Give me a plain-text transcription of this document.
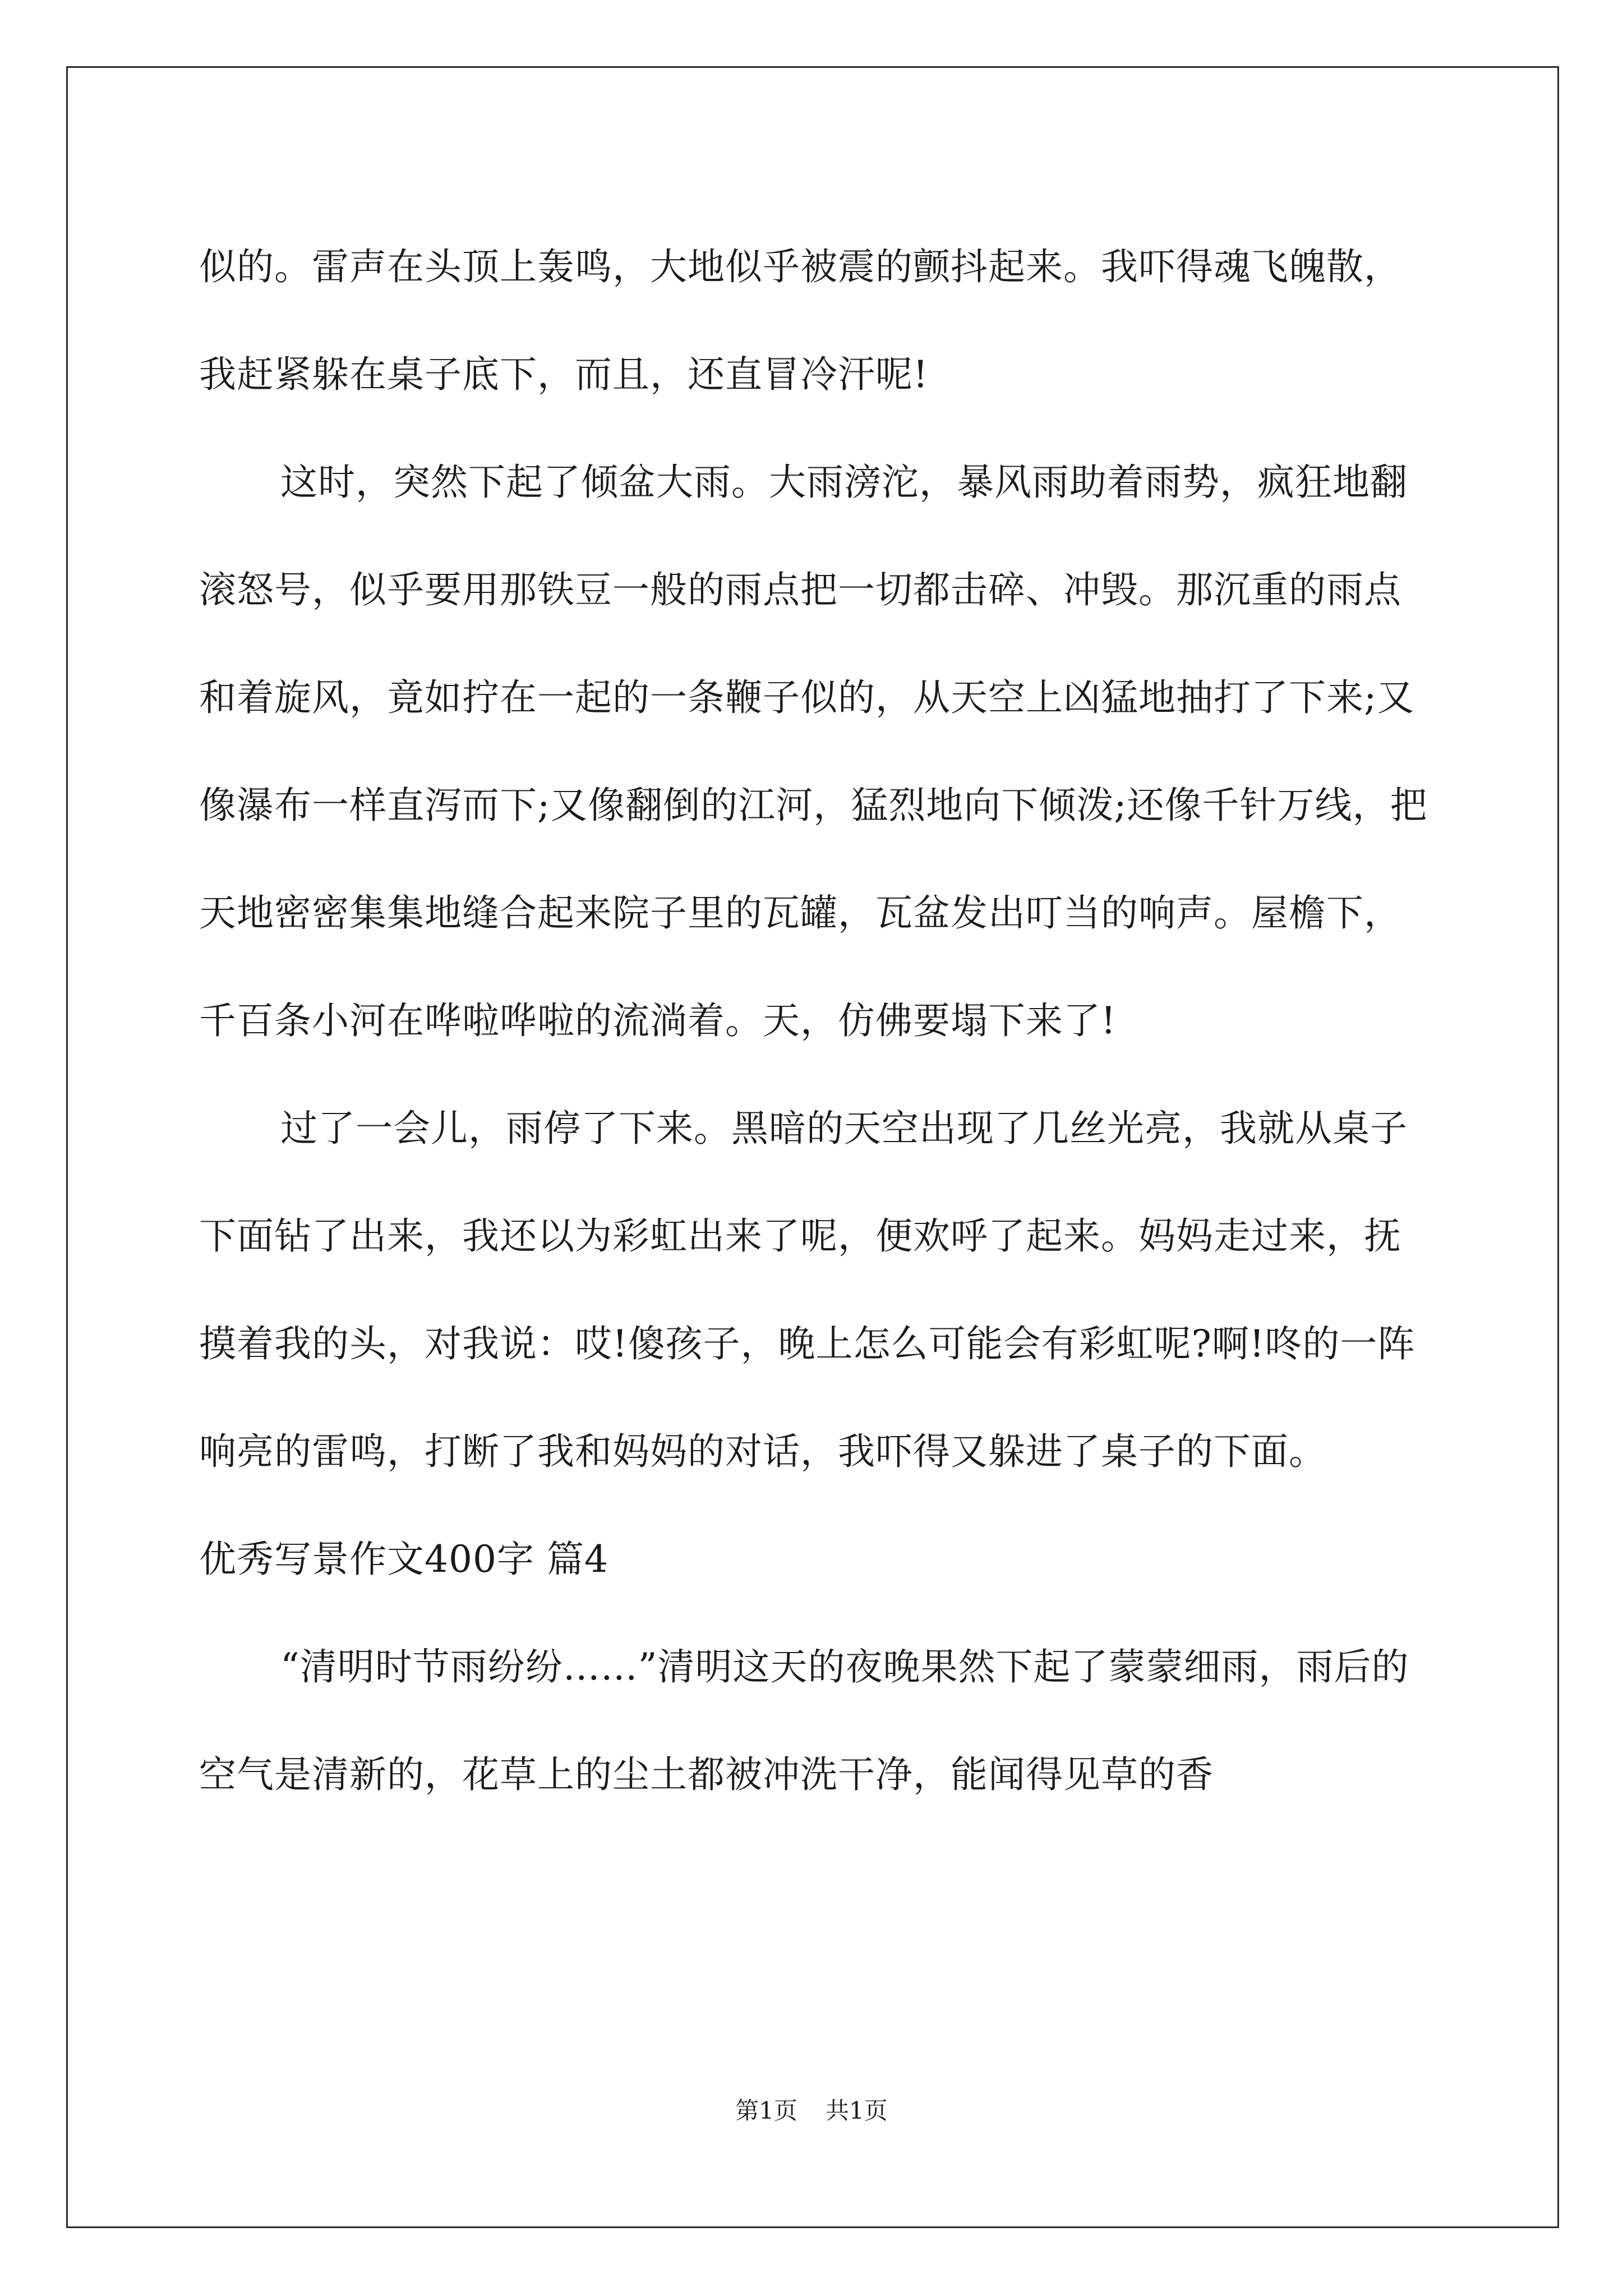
似的。雷声在头顶上轰鸣，大地似乎被震的颤抖起来。我吓得魂飞魄散，我赶紧躲在桌子底下，而且，还直冒冷汗呢!

这时，突然下起了倾盆大雨。大雨滂沱，暴风雨助着雨势，疯狂地翻滚怒号，似乎要用那铁豆一般的雨点把一切都击碎、冲毁。那沉重的雨点和着旋风，竟如拧在一起的一条鞭子似的，从天空上凶猛地抽打了下来;又像瀑布一样直泻而下;又像翻倒的江河，猛烈地向下倾泼;还像千针万线，把天地密密集集地缝合起来院子里的瓦罐，瓦盆发出叮当的响声。屋檐下，千百条小河在哗啦哗啦的流淌着。天，仿佛要塌下来了!

过了一会儿，雨停了下来。黑暗的天空出现了几丝光亮，我就从桌子下面钻了出来，我还以为彩虹出来了呢，便欢呼了起来。妈妈走过来，抚摸着我的头，对我说：哎!傻孩子，晚上怎么可能会有彩虹呢?啊!咚的一阵响亮的雷鸣，打断了我和妈妈的对话，我吓得又躲进了桌子的下面。

优秀写景作文400字 篇4

“清明时节雨纷纷……”清明这天的夜晚果然下起了蒙蒙细雨，雨后的空气是清新的，花草上的尘土都被冲洗干净，能闻得见草的香

第1页 共1页
